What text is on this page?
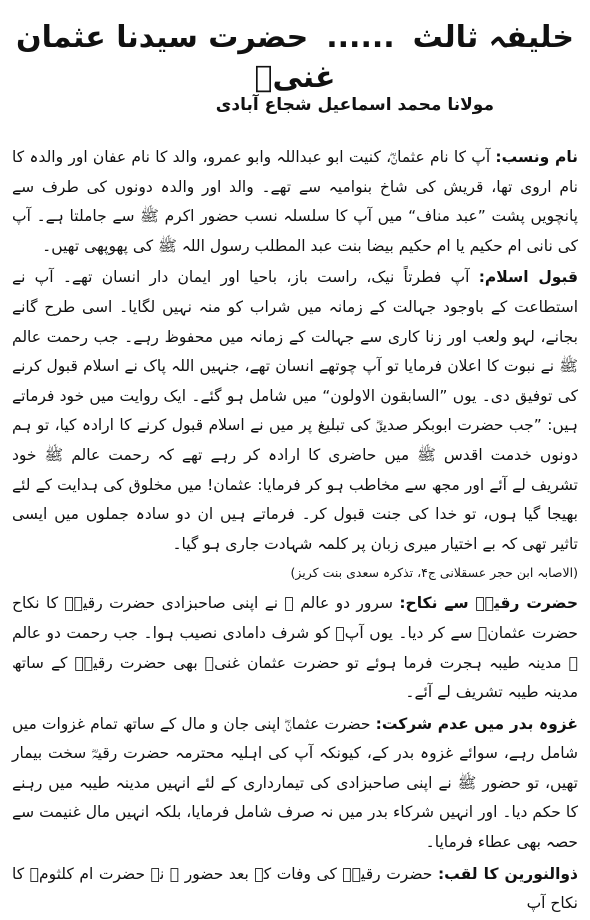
خلیفہ ثالث......حضرت سیدنا عثمان غنیؓ
مولانا محمد اسماعیل شجاع آبادی

نام ونسب: آپ کا نام عثمانؓ، کنیت ابو عبداللہ وابو عمرو، والد کا نام عفان اور والدہ کا نام اروی تھا، قریش کی شاخ بنوامیہ سے تھے۔ والد اور والدہ دونوں کی طرف سے پانچویں پشت ”عبد مناف“ میں آپ کا سلسلہ نسب حضور اکرم ﷺ سے جاملتا ہے۔ آپ کی نانی ام حکیم یا ام حکیم بیضا بنت عبد المطلب رسول اللہ ﷺ کی پھوپھی تھیں۔

قبول اسلام: آپ فطرتاً نیک، راست باز، باحیا اور ایمان دار انسان تھے۔ آپ نے استطاعت کے باوجود جہالت کے زمانہ میں شراب کو منہ نہیں لگایا۔ اسی طرح گانے بجانے، لہو ولعب اور زنا کاری سے جہالت کے زمانہ میں محفوظ رہے۔ جب رحمت عالم ﷺ نے نبوت کا اعلان فرمایا تو آپ چوتھے انسان تھے، جنہیں اللہ پاک نے اسلام قبول کرنے کی توفیق دی۔ یوں ”السابقون الاولون“ میں شامل ہو گئے۔ ایک روایت میں خود فرماتے ہیں: ”جب حضرت ابوبکر صدیقؓ کی تبلیغ پر میں نے اسلام قبول کرنے کا ارادہ کیا، تو ہم دونوں خدمت اقدس ﷺ میں حاضری کا ارادہ کر رہے تھے کہ رحمت عالم ﷺ خود تشریف لے آئے اور مجھ سے مخاطب ہو کر فرمایا: عثمان! میں مخلوق کی ہدایت کے لئے بھیجا گیا ہوں، تو خدا کی جنت قبول کر۔ فرماتے ہیں ان دو سادہ جملوں میں ایسی تاثیر تھی کہ بے اختیار میری زبان پر کلمہ شہادت جاری ہو گیا۔

(الاصابہ ابن حجر عسقلانی ج۴، تذکرہ سعدی بنت کریز)

حضرت رقیہؓ سے نکاح: سرور دو عالم ﷺ نے اپنی صاحبزادی حضرت رقیہؓ کا نکاح حضرت عثمانؓ سے کر دیا۔ یوں آپؓ کو شرف دامادی نصیب ہوا۔ جب رحمت دو عالم ﷺ مدینہ طیبہ ہجرت فرما ہوئے تو حضرت عثمان غنیؓ بھی حضرت رقیہؓ کے ساتھ مدینہ طیبہ تشریف لے آئے۔

غزوہ بدر میں عدم شرکت: حضرت عثمانؓ اپنی جان و مال کے ساتھ تمام غزوات میں شامل رہے، سوائے غزوہ بدر کے، کیونکہ آپ کی اہلیہ محترمہ حضرت رقیہؓ سخت بیمار تھیں، تو حضور ﷺ نے اپنی صاحبزادی کی تیمارداری کے لئے انہیں مدینہ طیبہ میں رہنے کا حکم دیا۔ اور انہیں شرکاء بدر میں نہ صرف شامل فرمایا، بلکہ انہیں مال غنیمت سے حصہ بھی عطاء فرمایا۔

ذوالنورین کا لقب: حضرت رقیہؓ کی وفات کے بعد حضور ﷺ نے حضرت ام کلثومؓ کا نکاح آپ
